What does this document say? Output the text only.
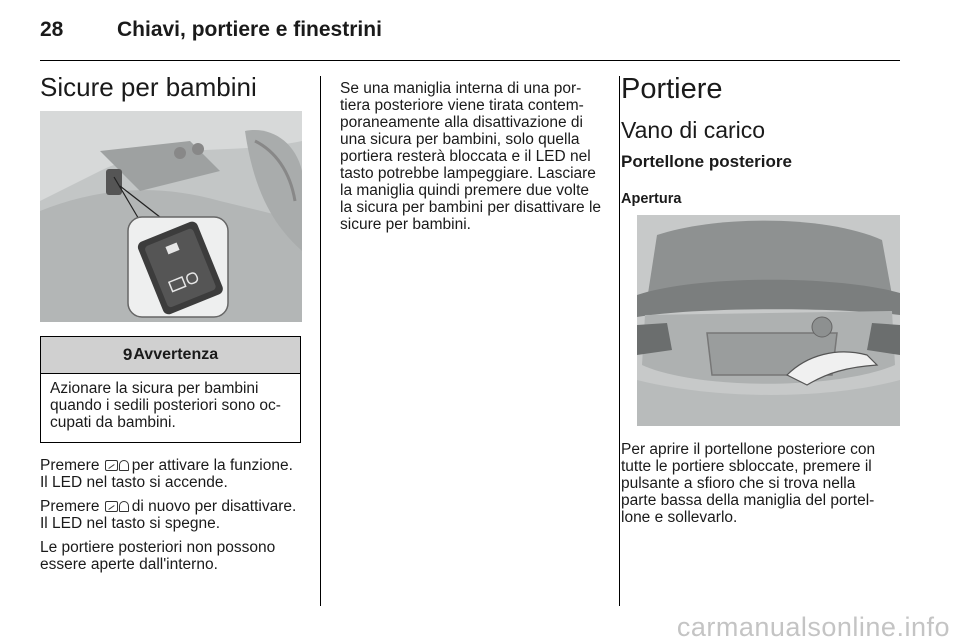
28	Chiavi, portiere e finestrini
Sicure per bambini
9 Avvertenza
Azionare la sicura per bambini
quando i sedili posteriori sono oc-
cupati da bambini.

Premere per attivare la funzione.

Il LED nel tasto si accende.

Premere di nuovo per disattivare.

Il LED nel tasto si spegne.

Le portiere posteriori non possono

essere aperte dall'interno.

Se una maniglia interna di una por-

tiera posteriore viene tirata contem-

poraneamente alla disattivazione di

una sicura per bambini, solo quella

portiera resterà bloccata e il LED nel

tasto potrebbe lampeggiare. Lasciare

la maniglia quindi premere due volte

la sicura per bambini per disattivare le

sicure per bambini.

Portiere
Vano di carico
Portellone posteriore
Apertura

Per aprire il portellone posteriore con

tutte le portiere sbloccate, premere il

pulsante a sfioro che si trova nella

parte bassa della maniglia del portel-

lone e sollevarlo.

carmanualsonline.info
